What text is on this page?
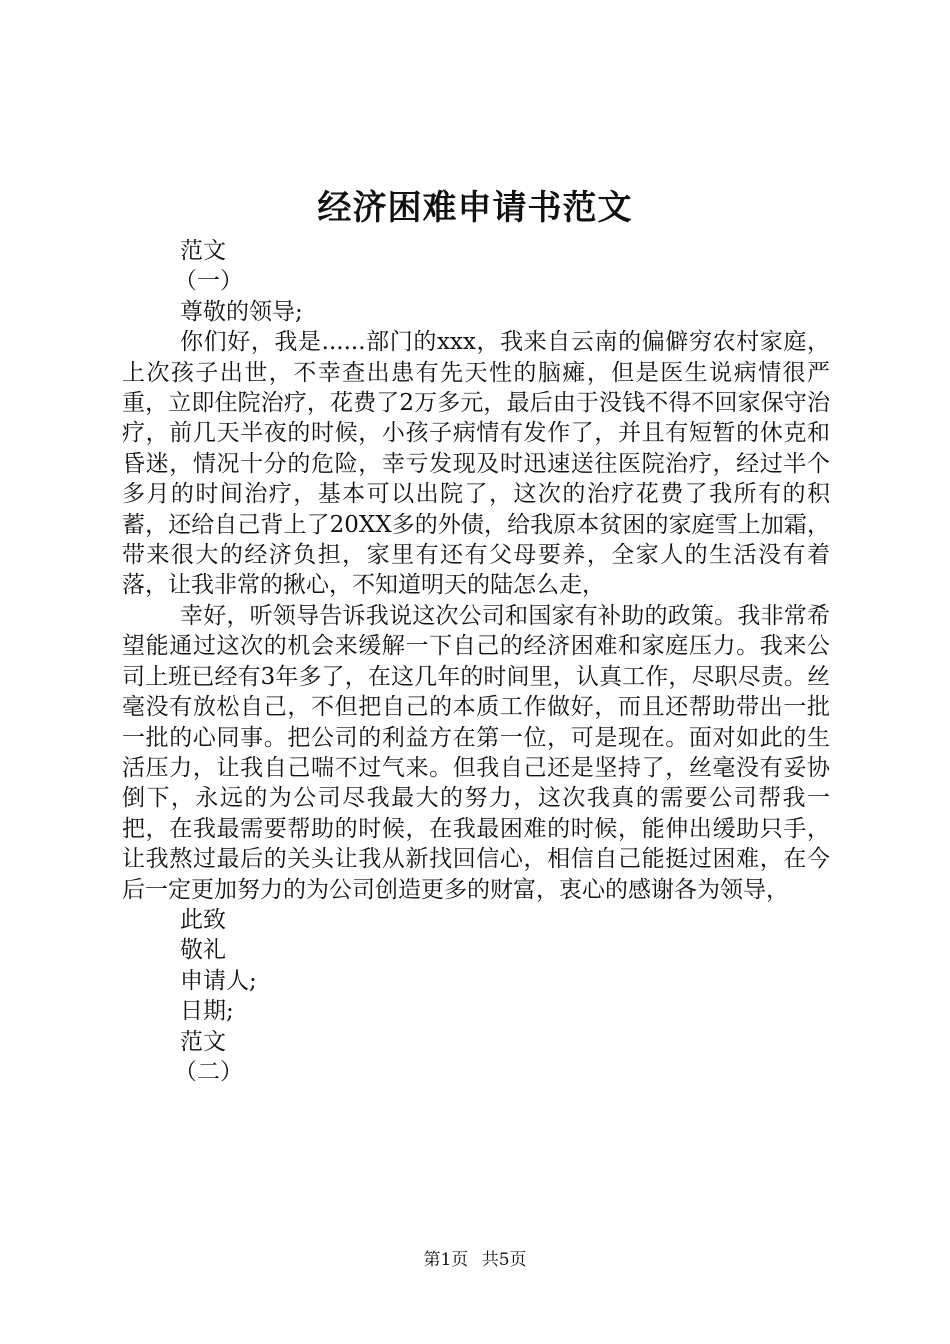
经济困难申请书范文
范文
（一）
尊敬的领导;

你们好，我是......部门的xxx，我来自云南的偏僻穷农村家庭，上次孩子出世，不幸查出患有先天性的脑瘫，但是医生说病情很严重，立即住院治疗，花费了2万多元，最后由于没钱不得不回家保守治疗，前几天半夜的时候，小孩子病情有发作了，并且有短暂的休克和昏迷，情况十分的危险，幸亏发现及时迅速送往医院治疗，经过半个多月的时间治疗，基本可以出院了，这次的治疗花费了我所有的积蓄，还给自己背上了20XX多的外债，给我原本贫困的家庭雪上加霜，带来很大的经济负担，家里有还有父母要养，全家人的生活没有着落，让我非常的揪心，不知道明天的陆怎么走，

幸好，听领导告诉我说这次公司和国家有补助的政策。我非常希望能通过这次的机会来缓解一下自己的经济困难和家庭压力。我来公司上班已经有3年多了，在这几年的时间里，认真工作，尽职尽责。丝毫没有放松自己，不但把自己的本质工作做好，而且还帮助带出一批一批的心同事。把公司的利益方在第一位，可是现在。面对如此的生活压力，让我自己喘不过气来。但我自己还是坚持了，丝毫没有妥协倒下，永远的为公司尽我最大的努力，这次我真的需要公司帮我一把，在我最需要帮助的时候，在我最困难的时候，能伸出缓助只手，让我熬过最后的关头让我从新找回信心，相信自己能挺过困难，在今后一定更加努力的为公司创造更多的财富，衷心的感谢各为领导，

此致
敬礼
申请人;
日期;
范文
（二）
第1页 共5页
